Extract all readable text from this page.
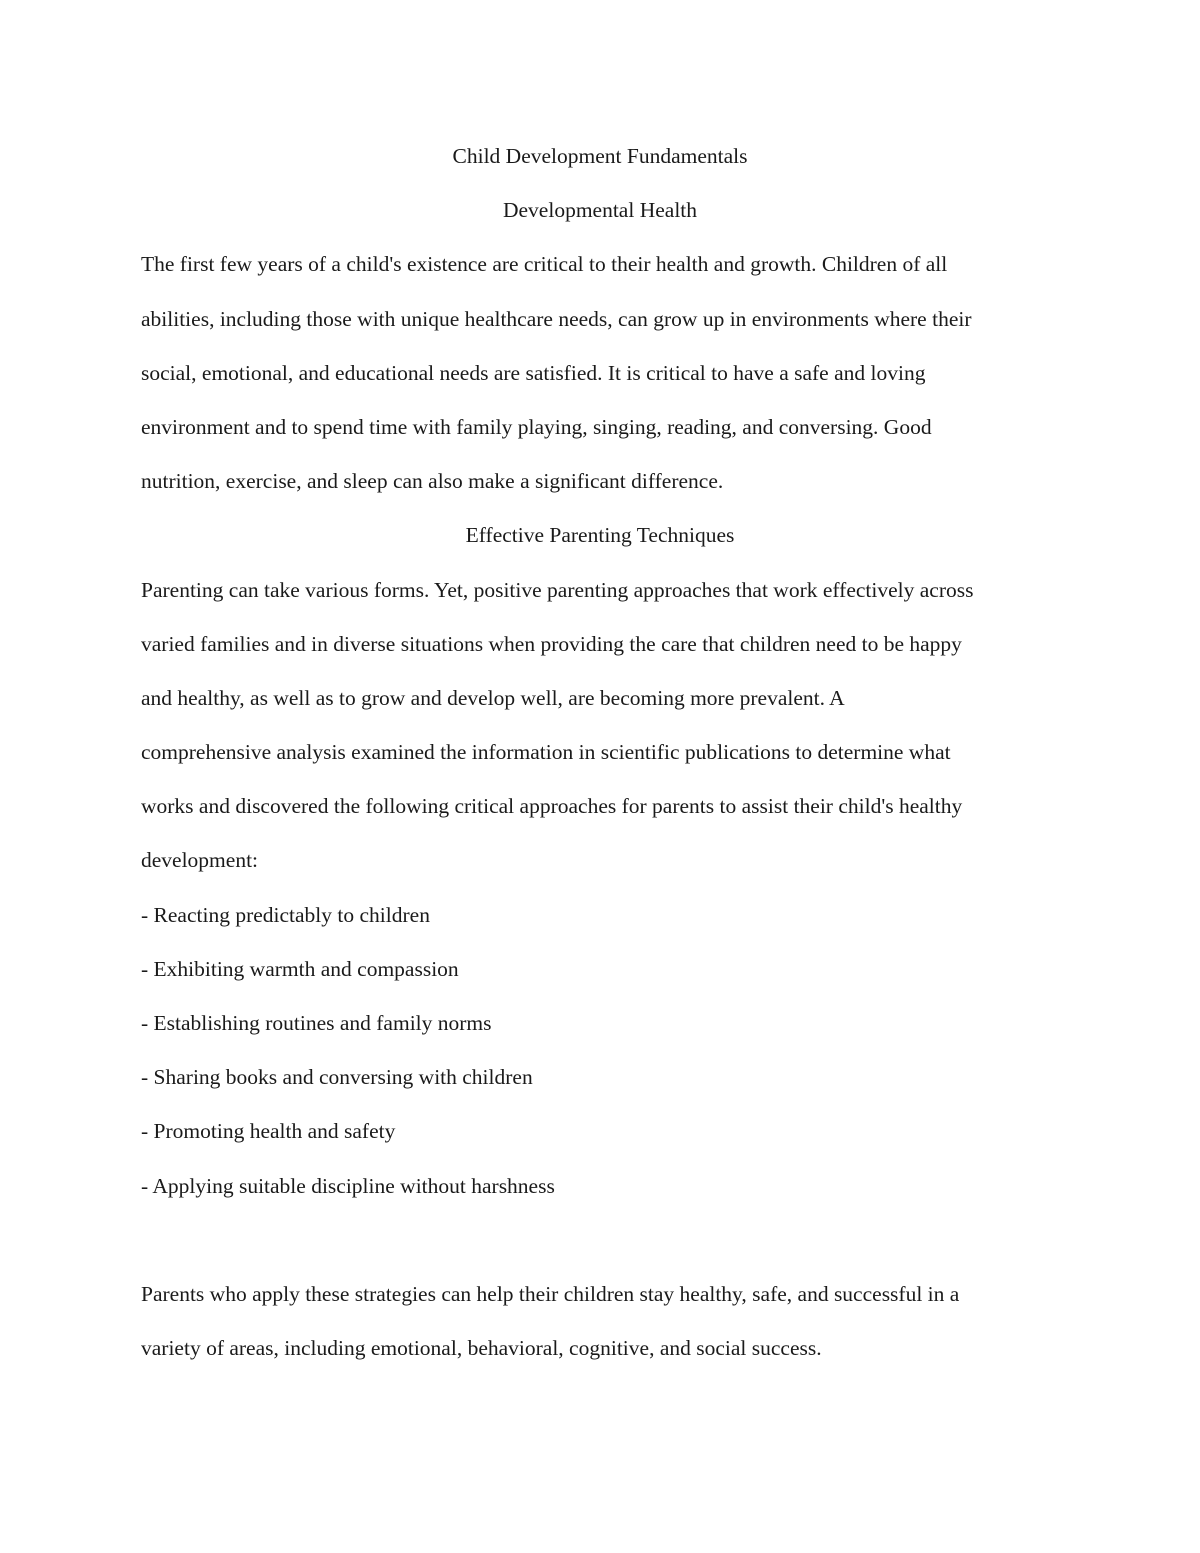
Child Development Fundamentals
Developmental Health
The first few years of a child's existence are critical to their health and growth. Children of all
abilities, including those with unique healthcare needs, can grow up in environments where their
social, emotional, and educational needs are satisfied. It is critical to have a safe and loving
environment and to spend time with family playing, singing, reading, and conversing. Good
nutrition, exercise, and sleep can also make a significant difference.
Effective Parenting Techniques
Parenting can take various forms. Yet, positive parenting approaches that work effectively across
varied families and in diverse situations when providing the care that children need to be happy
and healthy, as well as to grow and develop well, are becoming more prevalent. A
comprehensive analysis examined the information in scientific publications to determine what
works and discovered the following critical approaches for parents to assist their child's healthy
development:
- Reacting predictably to children
- Exhibiting warmth and compassion
- Establishing routines and family norms
- Sharing books and conversing with children
- Promoting health and safety
- Applying suitable discipline without harshness
Parents who apply these strategies can help their children stay healthy, safe, and successful in a
variety of areas, including emotional, behavioral, cognitive, and social success.
